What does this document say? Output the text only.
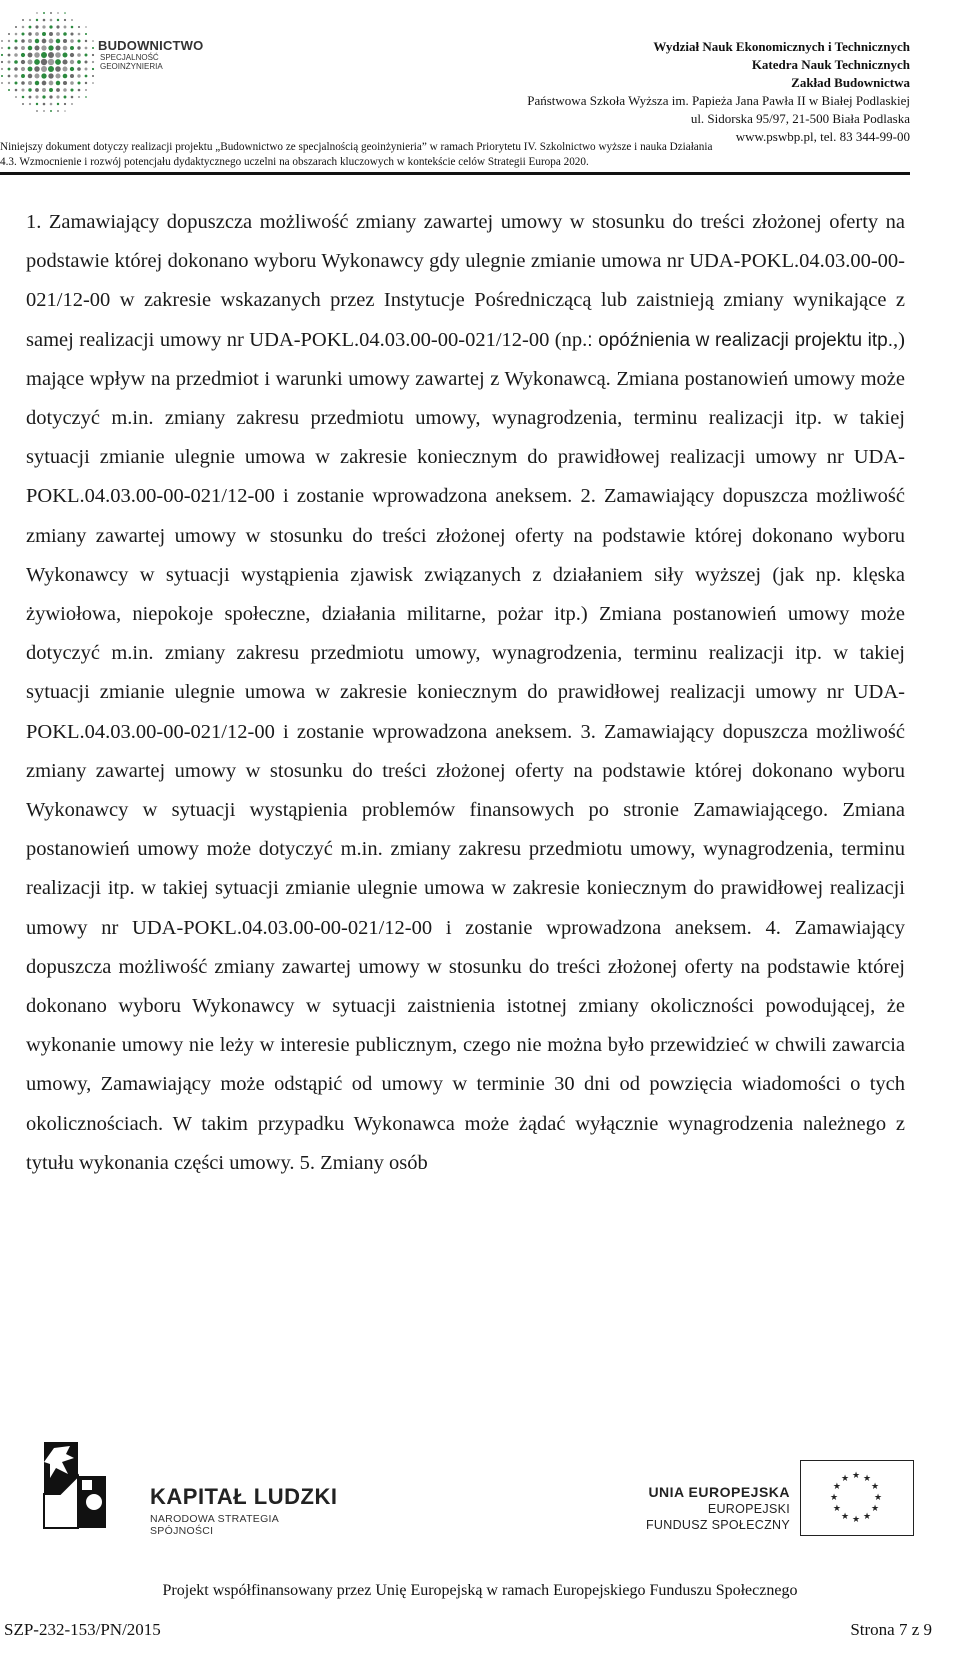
BUDOWNICTWO
SPECJALNOŚĆ
GEOINŻYNIERIA
Wydział Nauk Ekonomicznych i Technicznych
Katedra Nauk Technicznych
Zakład Budownictwa
Państwowa Szkoła Wyższa im. Papieża Jana Pawła II w Białej Podlaskiej
ul. Sidorska 95/97, 21-500 Biała Podlaska
www.pswbp.pl, tel. 83 344-99-00
Niniejszy dokument dotyczy realizacji projektu „Budownictwo ze specjalnością geoinżynieria” w ramach Priorytetu IV. Szkolnictwo wyższe i nauka Działania
4.3. Wzmocnienie i rozwój potencjału dydaktycznego uczelni na obszarach kluczowych w kontekście celów Strategii Europa 2020.
1. Zamawiający dopuszcza możliwość zmiany zawartej umowy w stosunku do treści złożonej oferty na podstawie której dokonano wyboru Wykonawcy gdy ulegnie zmianie umowa nr UDA-POKL.04.03.00-00-021/12-00 w zakresie wskazanych przez Instytucje Pośredniczącą lub zaistnieją zmiany wynikające z samej realizacji umowy nr UDA-POKL.04.03.00-00-021/12-00 (np.: opóźnienia w realizacji projektu itp.,) mające wpływ na przedmiot i warunki umowy zawartej z Wykonawcą. Zmiana postanowień umowy może dotyczyć m.in. zmiany zakresu przedmiotu umowy, wynagrodzenia, terminu realizacji itp. w takiej sytuacji zmianie ulegnie umowa w zakresie koniecznym do prawidłowej realizacji umowy nr UDA-POKL.04.03.00-00-021/12-00 i zostanie wprowadzona aneksem. 2. Zamawiający dopuszcza możliwość zmiany zawartej umowy w stosunku do treści złożonej oferty na podstawie której dokonano wyboru Wykonawcy w sytuacji wystąpienia zjawisk związanych z działaniem siły wyższej (jak np. klęska żywiołowa, niepokoje społeczne, działania militarne, pożar itp.) Zmiana postanowień umowy może dotyczyć m.in. zmiany zakresu przedmiotu umowy, wynagrodzenia, terminu realizacji itp. w takiej sytuacji zmianie ulegnie umowa w zakresie koniecznym do prawidłowej realizacji umowy nr UDA-POKL.04.03.00-00-021/12-00 i zostanie wprowadzona aneksem. 3. Zamawiający dopuszcza możliwość zmiany zawartej umowy w stosunku do treści złożonej oferty na podstawie której dokonano wyboru Wykonawcy w sytuacji wystąpienia problemów finansowych po stronie Zamawiającego. Zmiana postanowień umowy może dotyczyć m.in. zmiany zakresu przedmiotu umowy, wynagrodzenia, terminu realizacji itp. w takiej sytuacji zmianie ulegnie umowa w zakresie koniecznym do prawidłowej realizacji umowy nr UDA-POKL.04.03.00-00-021/12-00 i zostanie wprowadzona aneksem. 4. Zamawiający dopuszcza możliwość zmiany zawartej umowy w stosunku do treści złożonej oferty na podstawie której dokonano wyboru Wykonawcy w sytuacji zaistnienia istotnej zmiany okoliczności powodującej, że wykonanie umowy nie leży w interesie publicznym, czego nie można było przewidzieć w chwili zawarcia umowy, Zamawiający może odstąpić od umowy w terminie 30 dni od powzięcia wiadomości o tych okolicznościach. W takim przypadku Wykonawca może żądać wyłącznie wynagrodzenia należnego z tytułu wykonania części umowy. 5. Zmiany osób
KAPITAŁ LUDZKI
NARODOWA STRATEGIA SPÓJNOŚCI
UNIA EUROPEJSKA
EUROPEJSKI
FUNDUSZ SPOŁECZNY
★ ★
★
★
★
★
★
★
★
★
★
★
Projekt współfinansowany przez Unię Europejską w ramach Europejskiego Funduszu Społecznego
SZP-232-153/PN/2015	Strona 7 z 9
